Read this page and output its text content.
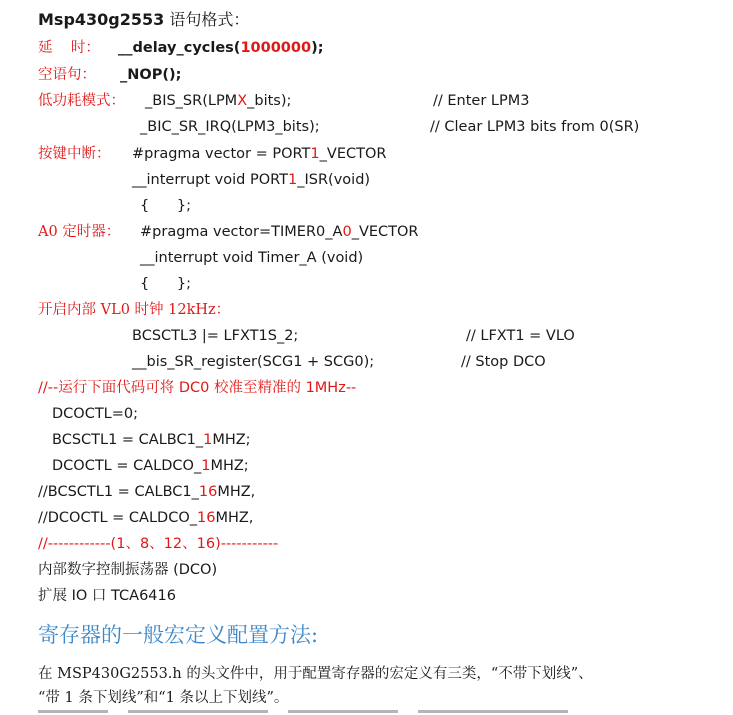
Msp430g2553 语句格式：
延    时： __delay_cycles(1000000);
空语句： _NOP();
低功耗模式： _BIS_SR(LPMX_bits);	// Enter LPM3
_BIC_SR_IRQ(LPM3_bits);	// Clear LPM3 bits from 0(SR)
按键中断： #pragma vector = PORT1_VECTOR
__interrupt void PORT1_ISR(void)
{      };
A0 定时器： #pragma vector=TIMER0_A0_VECTOR
__interrupt void Timer_A (void)
{      };
开启内部 VL0 时钟 12kHz：
BCSCTL3 |= LFXT1S_2;	// LFXT1 = VLO
__bis_SR_register(SCG1 + SCG0);	// Stop DCO
//--运行下面代码可将 DC0 校准至精准的 1MHz--
DCOCTL=0;
BCSCTL1 = CALBC1_1MHZ;
DCOCTL = CALDCO_1MHZ;
//BCSCTL1 = CALBC1_16MHZ,
//DCOCTL = CALDCO_16MHZ,
//------------(1、8、12、16)-----------
内部数字控制振荡器 (DCO)
扩展 IO 口 TCA6416
寄存器的一般宏定义配置方法:
在 MSP430G2553.h 的头文件中，用于配置寄存器的宏定义有三类，“不带下划线”、
“带 1 条下划线”和“1 条以上下划线”。
